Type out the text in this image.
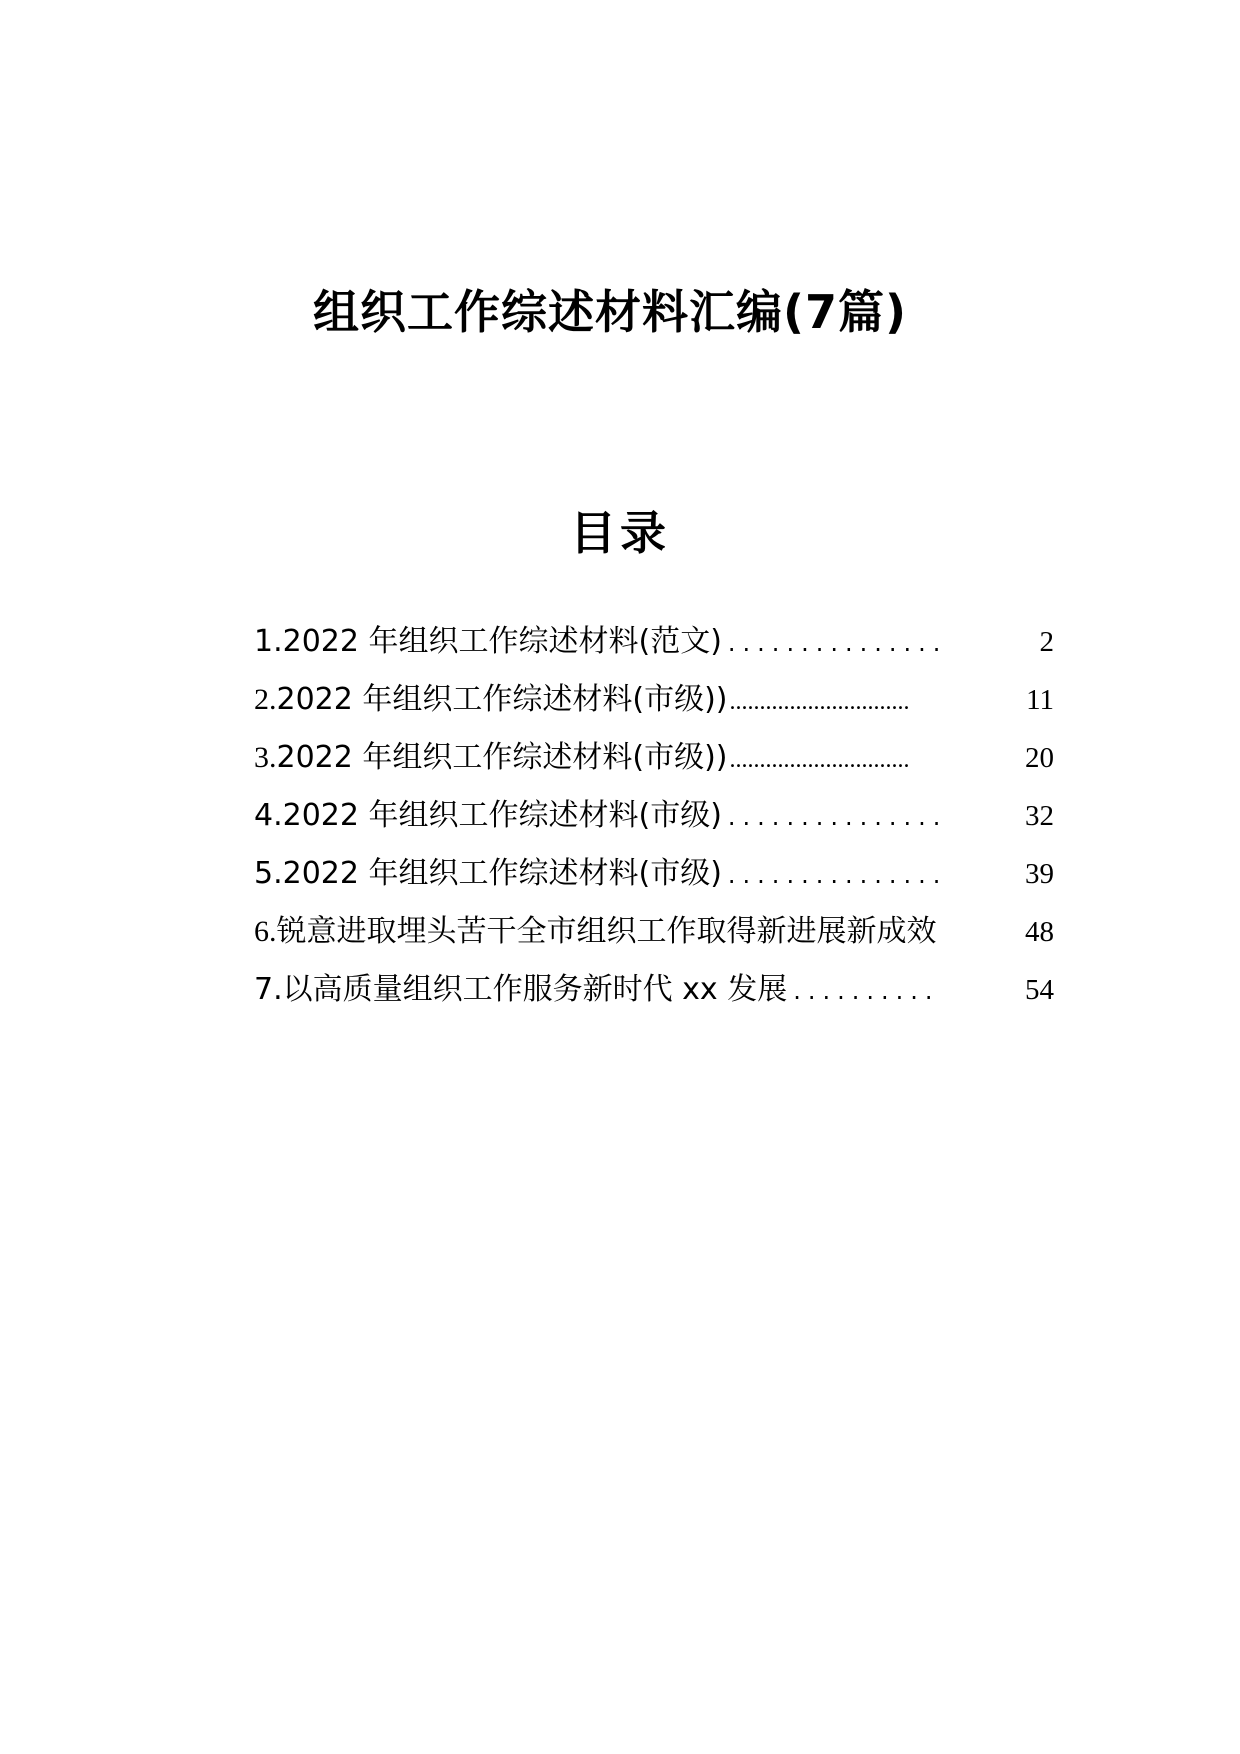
组织工作综述材料汇编(7篇)
目录
1.2022 年组织工作综述材料(范文) ...............	2
2.2022 年组织工作综述材料(市级)) ..............................	11
3.2022 年组织工作综述材料(市级)) ..............................	20
4.2022 年组织工作综述材料(市级) ...............	32
5.2022 年组织工作综述材料(市级) ...............	39
6.锐意进取埋头苦干全市组织工作取得新进展新成效	48
7.以高质量组织工作服务新时代 xx 发展 ..........	54
